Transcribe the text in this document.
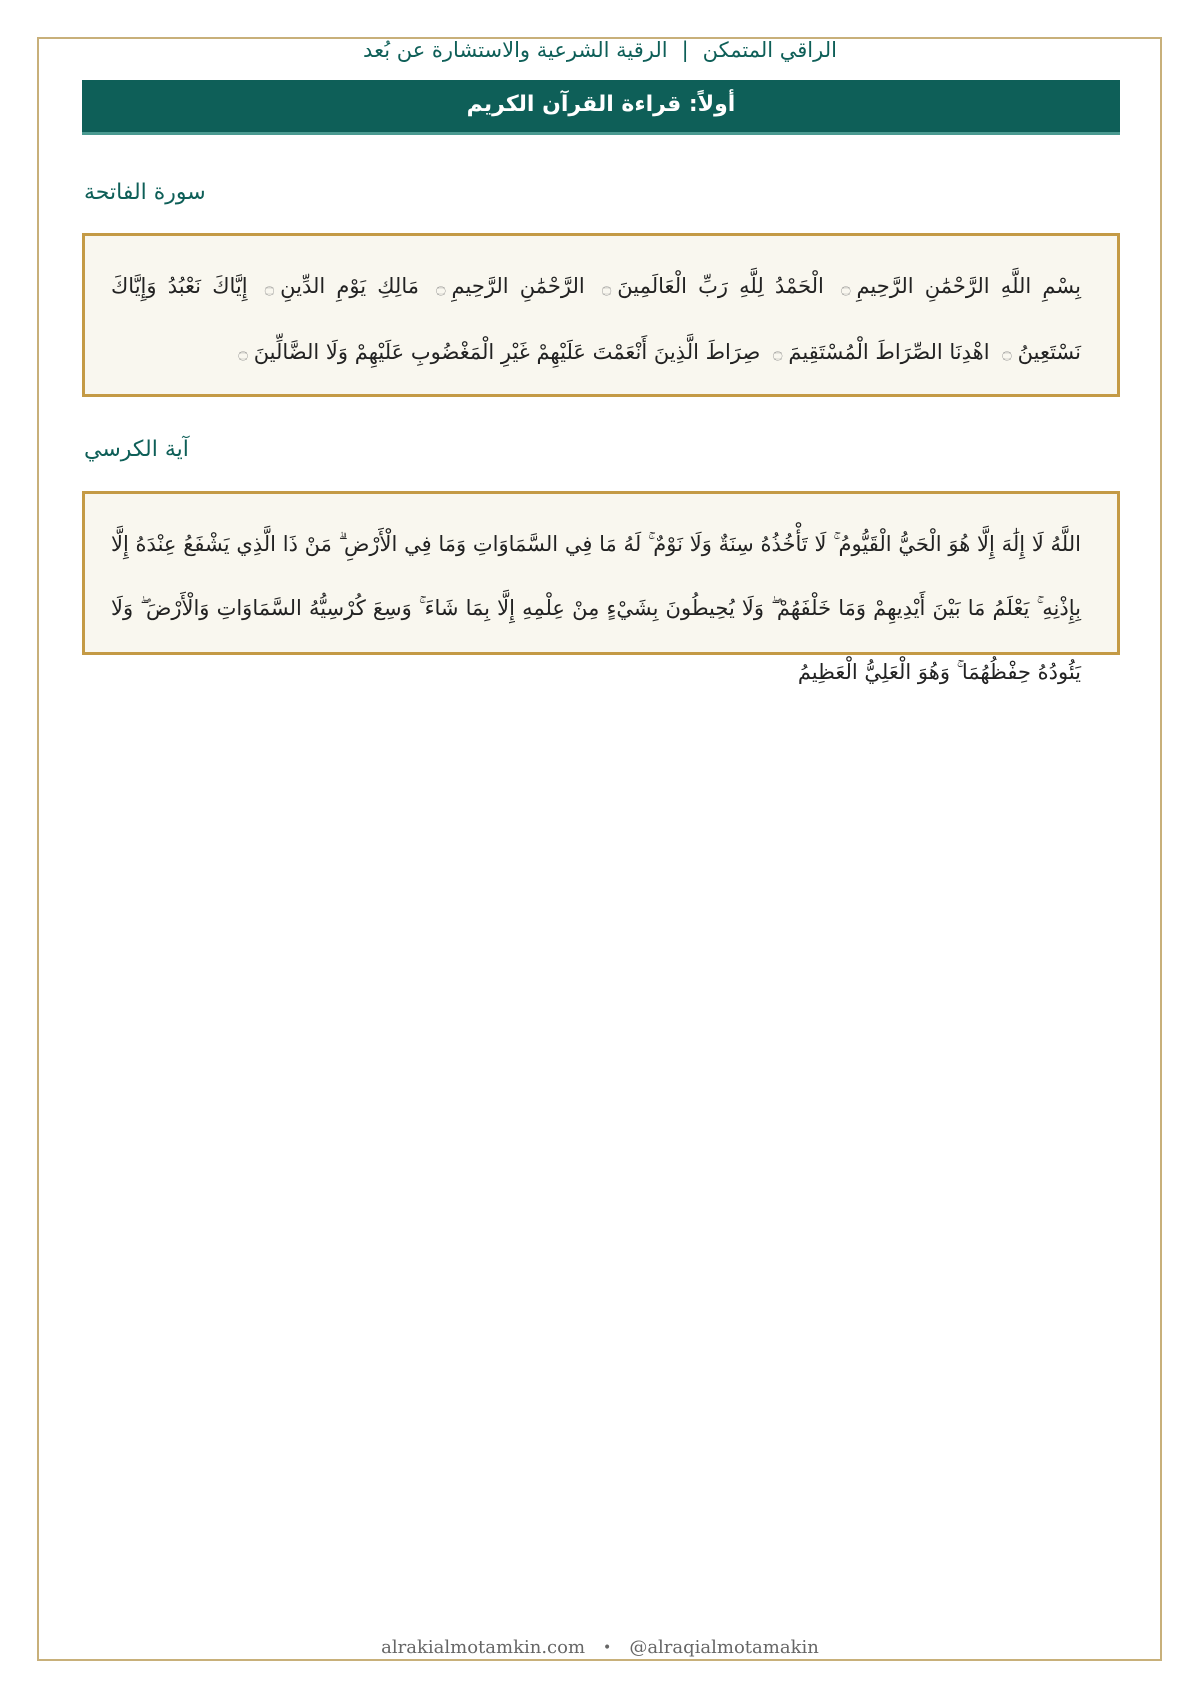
الراقي المتمكن|الرقية الشرعية والاستشارة عن بُعد
أولاً: قراءة القرآن الكريم
سورة الفاتحة
بِسْمِ اللَّهِ الرَّحْمَٰنِ الرَّحِيمِ۝ الْحَمْدُ لِلَّهِ رَبِّ الْعَالَمِينَ۝ الرَّحْمَٰنِ الرَّحِيمِ۝ مَالِكِ يَوْمِ الدِّينِ۝ إِيَّاكَ نَعْبُدُ وَإِيَّاكَ نَسْتَعِينُ۝ اهْدِنَا الصِّرَاطَ الْمُسْتَقِيمَ۝ صِرَاطَ الَّذِينَ أَنْعَمْتَ عَلَيْهِمْ غَيْرِ الْمَغْضُوبِ عَلَيْهِمْ وَلَا الضَّالِّينَ۝
آية الكرسي
اللَّهُ لَا إِلَٰهَ إِلَّا هُوَ الْحَيُّ الْقَيُّومُ ۚ لَا تَأْخُذُهُ سِنَةٌ وَلَا نَوْمٌ ۚ لَهُ مَا فِي السَّمَاوَاتِ وَمَا فِي الْأَرْضِ ۗ مَنْ ذَا الَّذِي يَشْفَعُ عِنْدَهُ إِلَّا بِإِذْنِهِ ۚ يَعْلَمُ مَا بَيْنَ أَيْدِيهِمْ وَمَا خَلْفَهُمْ ۖ وَلَا يُحِيطُونَ بِشَيْءٍ مِنْ عِلْمِهِ إِلَّا بِمَا شَاءَ ۚ وَسِعَ كُرْسِيُّهُ السَّمَاوَاتِ وَالْأَرْضَ ۖ وَلَا يَئُودُهُ حِفْظُهُمَا ۚ وَهُوَ الْعَلِيُّ الْعَظِيمُ
alrakialmotamkin.com • @alraqialmotamakin
